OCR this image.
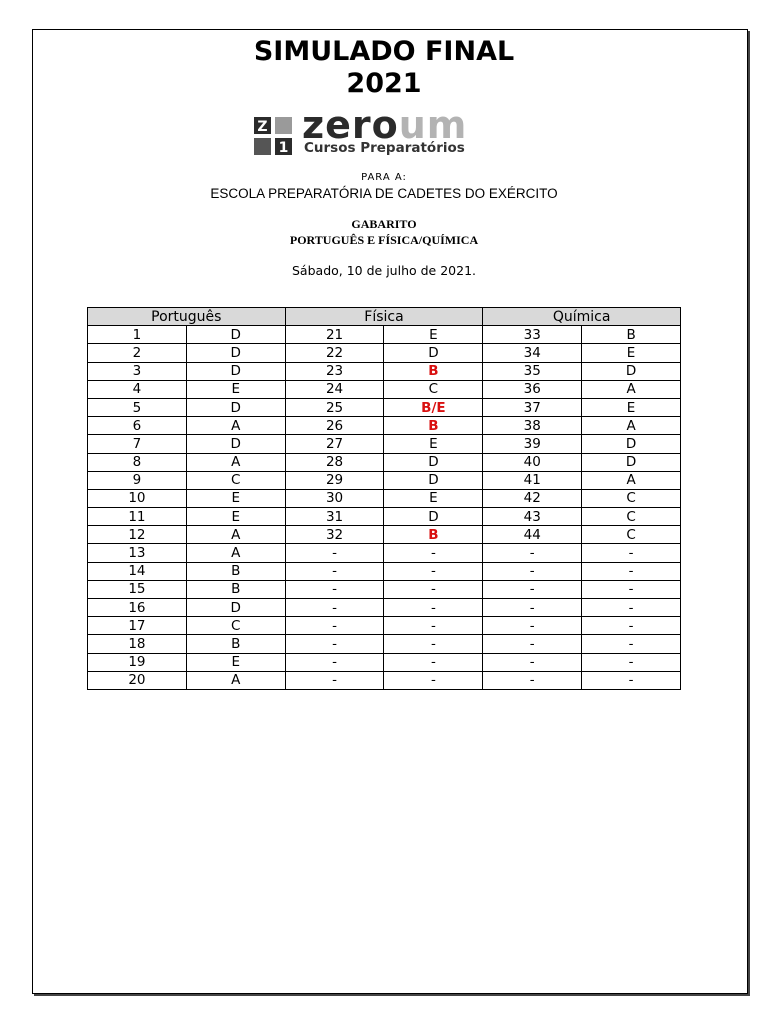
SIMULADO FINAL
2021
Z
1
zeroum
Cursos Preparatórios
PARA A:
ESCOLA PREPARATÓRIA DE CADETES DO EXÉRCITO
GABARITO
PORTUGUÊS E FÍSICA/QUÍMICA
Sábado, 10 de julho de 2021.
Português		Física		Química	
1	D	21	E	33	B
2	D	22	D	34	E
3	D	23	B	35	D
4	E	24	C	36	A
5	D	25	B/E	37	E
6	A	26	B	38	A
7	D	27	E	39	D
8	A	28	D	40	D
9	C	29	D	41	A
10	E	30	E	42	C
11	E	31	D	43	C
12	A	32	B	44	C
13	A	-	-	-	-
14	B	-	-	-	-
15	B	-	-	-	-
16	D	-	-	-	-
17	C	-	-	-	-
18	B	-	-	-	-
19	E	-	-	-	-
20	A	-	-	-	-
